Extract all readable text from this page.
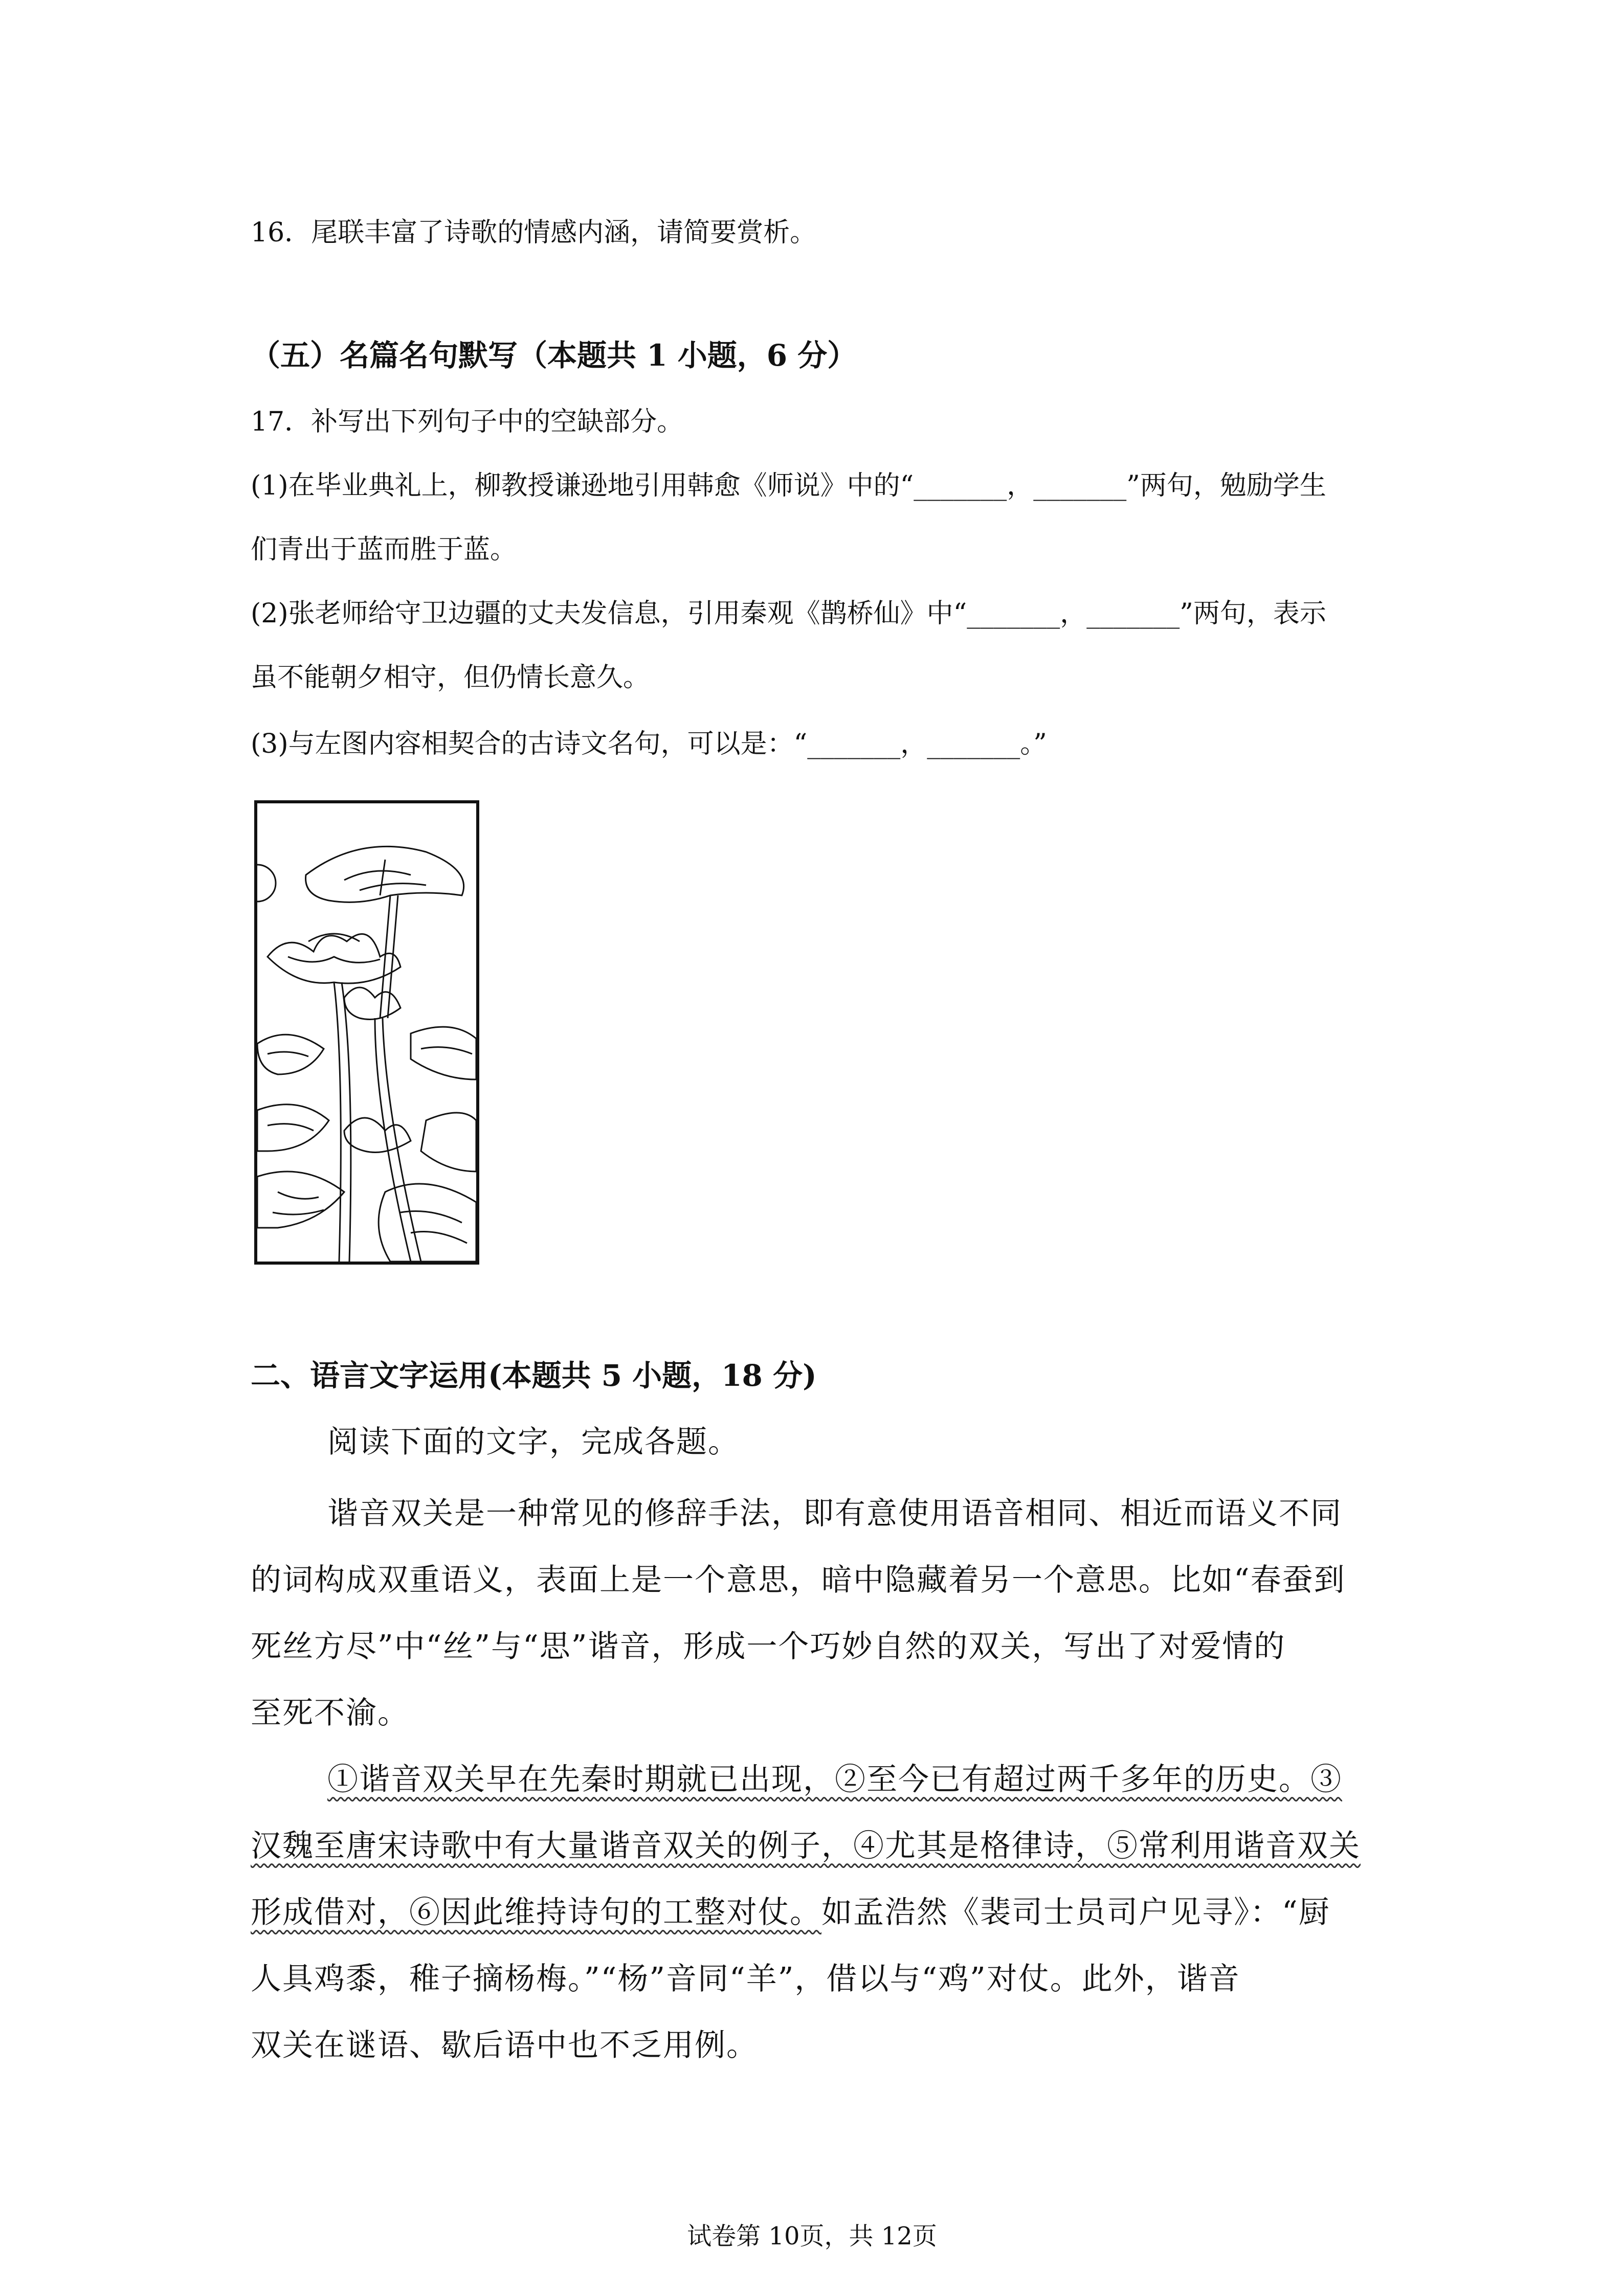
16．尾联丰富了诗歌的情感内涵，请简要赏析。
（五）名篇名句默写（本题共 1 小题，6 分）
17．补写出下列句子中的空缺部分。
(1)在毕业典礼上，柳教授谦逊地引用韩愈《师说》中的“_______，_______”两句，勉励学生
们青出于蓝而胜于蓝。
(2)张老师给守卫边疆的丈夫发信息，引用秦观《鹊桥仙》中“_______，_______”两句，表示
虽不能朝夕相守，但仍情长意久。
(3)与左图内容相契合的古诗文名句，可以是：“_______，_______。”
二、语言文字运用(本题共 5 小题，18 分)
阅读下面的文字，完成各题。
谐音双关是一种常见的修辞手法，即有意使用语音相同、相近而语义不同
的词构成双重语义，表面上是一个意思，暗中隐藏着另一个意思。比如“春蚕到
死丝方尽”中“丝”与“思”谐音，形成一个巧妙自然的双关，写出了对爱情的
至死不渝。
①谐音双关早在先秦时期就已出现，②至今已有超过两千多年的历史。③
汉魏至唐宋诗歌中有大量谐音双关的例子，④尤其是格律诗，⑤常利用谐音双关
形成借对，⑥因此维持诗句的工整对仗。如孟浩然《裴司士员司户见寻》：“厨
人具鸡黍，稚子摘杨梅。”“杨”音同“羊”，借以与“鸡”对仗。此外，谐音
双关在谜语、歇后语中也不乏用例。
试卷第 10页，共 12页
